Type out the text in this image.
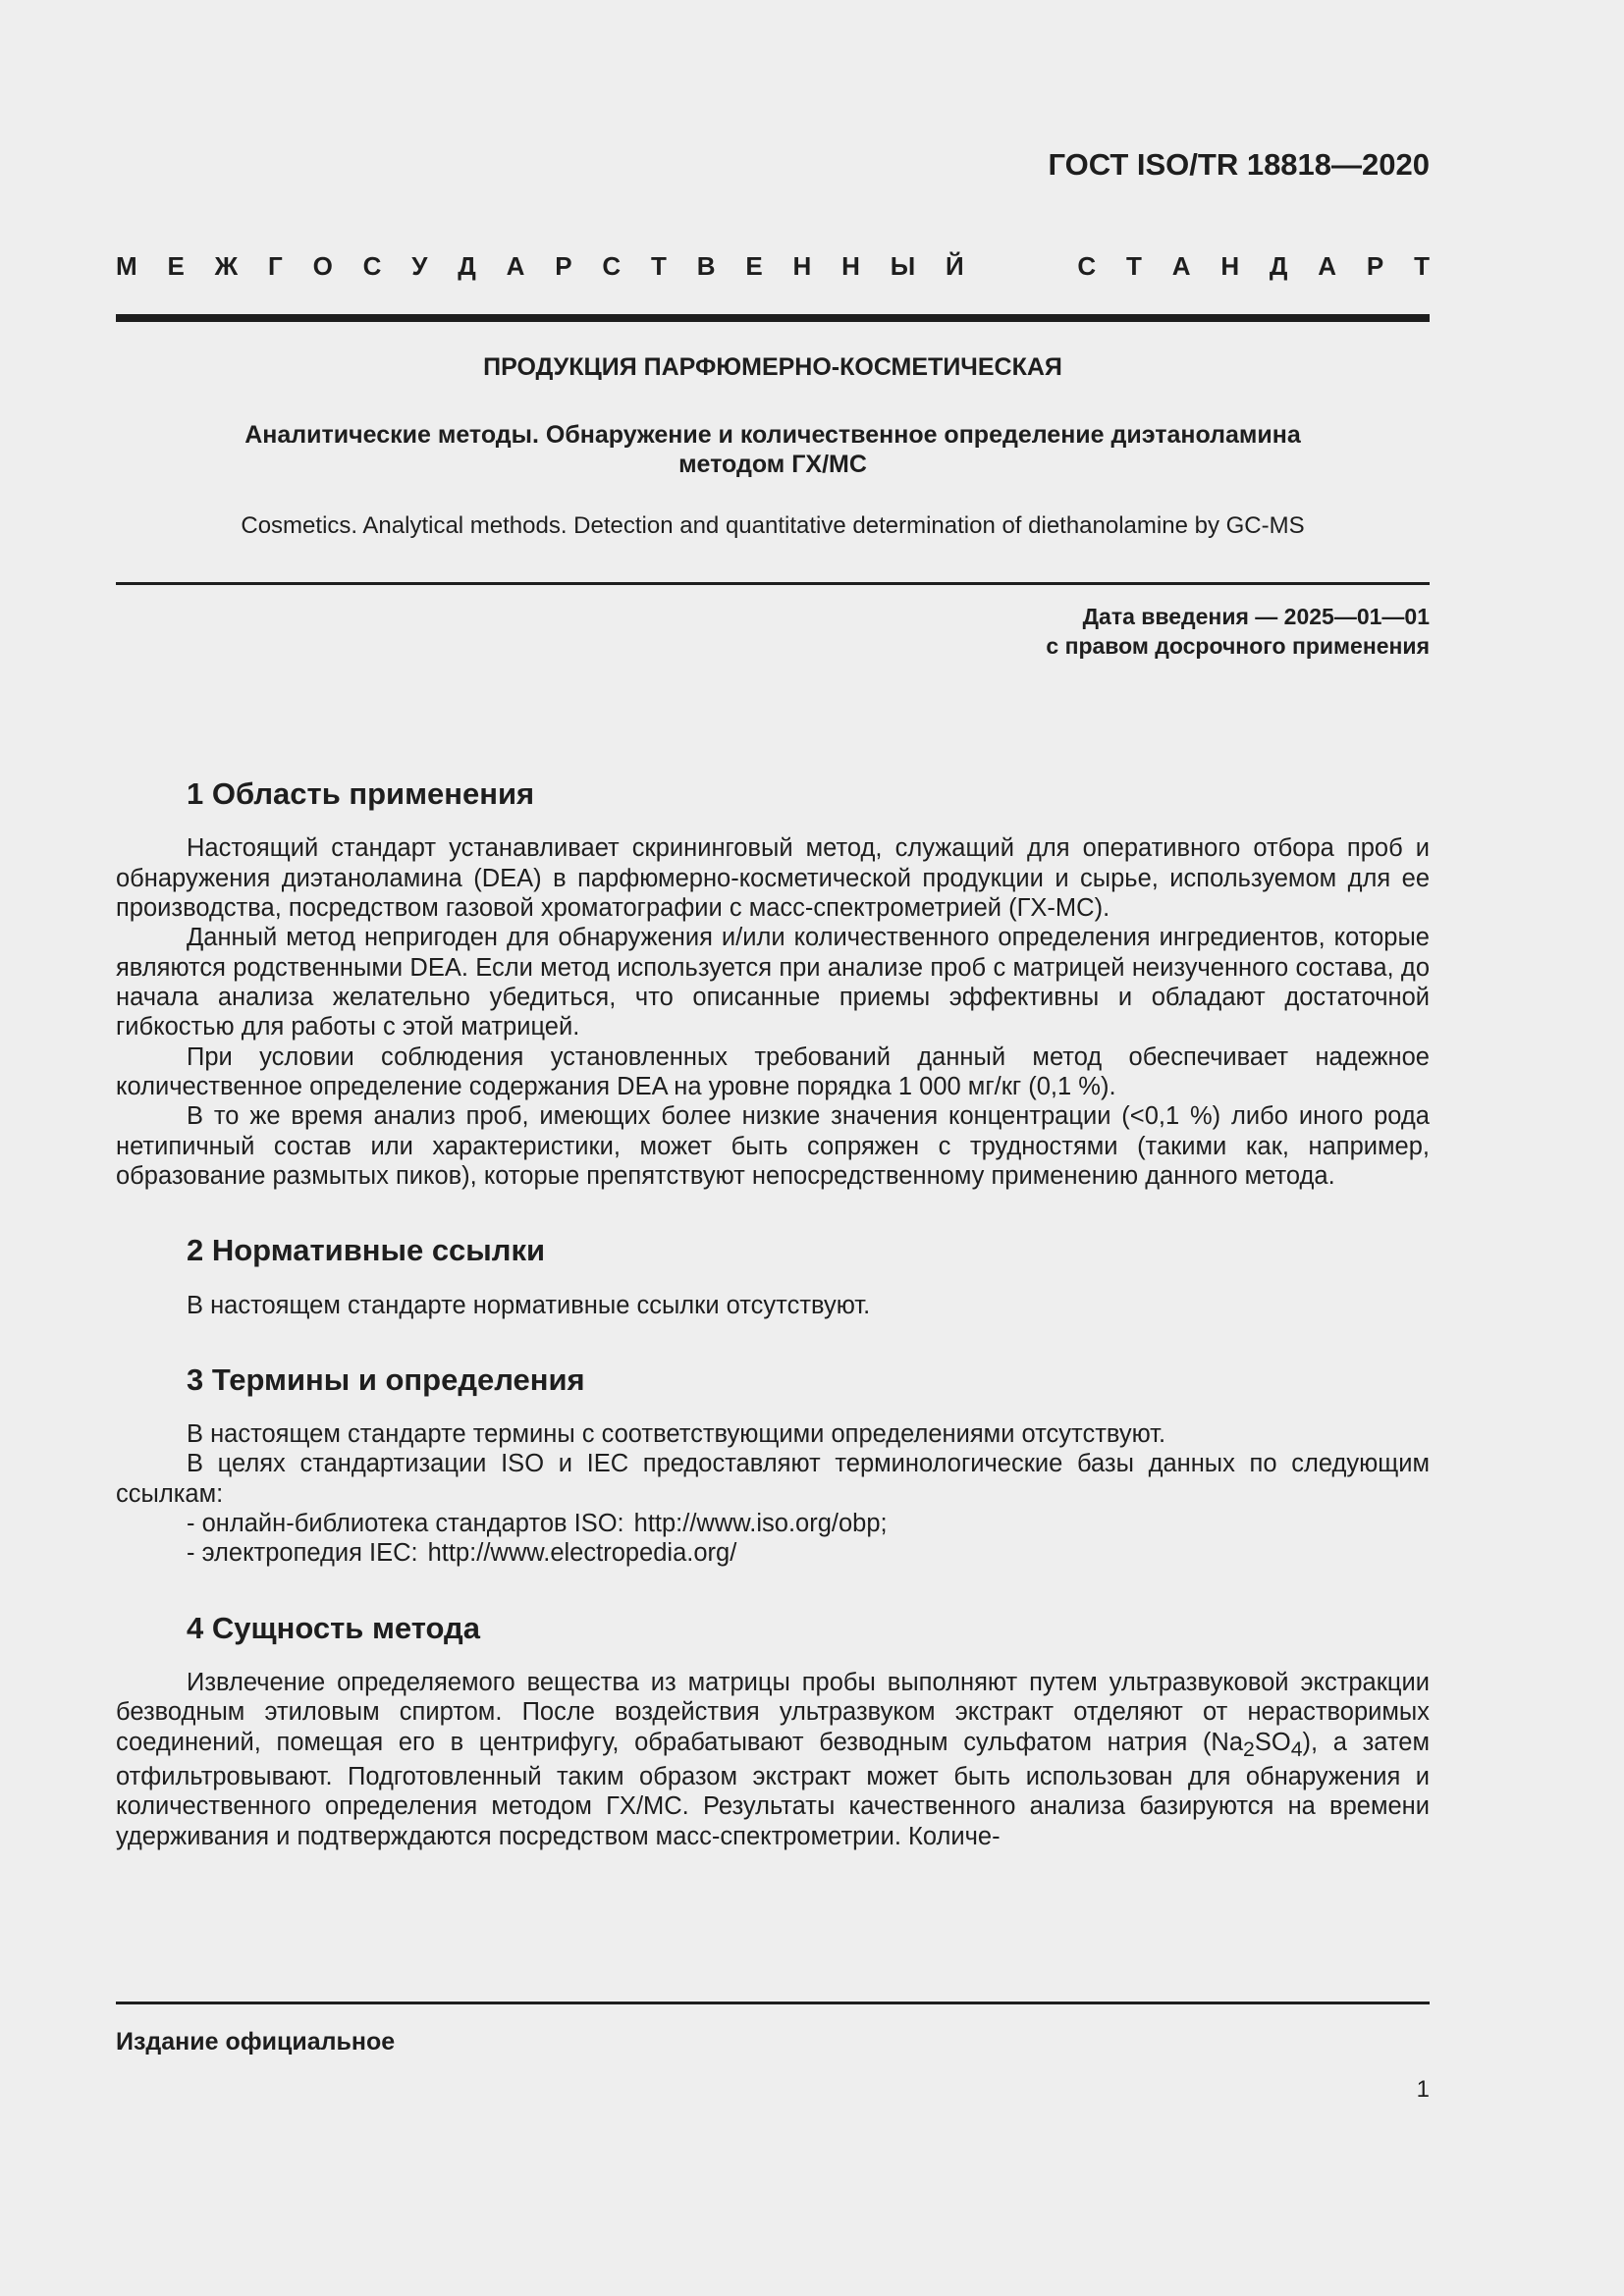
ГОСТ ISO/TR 18818—2020
М Е Ж Г О С У Д А Р С Т В Е Н Н Ы Й	С Т А Н Д А Р Т
ПРОДУКЦИЯ ПАРФЮМЕРНО-КОСМЕТИЧЕСКАЯ
Аналитические методы. Обнаружение и количественное определение диэтаноламина
методом ГХ/МС

Cosmetics. Analytical methods. Detection and quantitative determination of diethanolamine by GC-MS

Дата введения — 2025—01—01
с правом досрочного применения
1 Область применения

Настоящий стандарт устанавливает скрининговый метод, служащий для оперативного отбора проб и обнаружения диэтаноламина (DEA) в парфюмерно-косметической продукции и сырье, используемом для ее производства, посредством газовой хроматографии с масс-спектрометрией (ГХ-МС).

Данный метод непригоден для обнаружения и/или количественного определения ингредиентов, которые являются родственными DEA. Если метод используется при анализе проб с матрицей неизученного состава, до начала анализа желательно убедиться, что описанные приемы эффективны и обладают достаточной гибкостью для работы с этой матрицей.

При условии соблюдения установленных требований данный метод обеспечивает надежное количественное определение содержания DEA на уровне порядка 1 000 мг/кг (0,1 %).

В то же время анализ проб, имеющих более низкие значения концентрации (<0,1 %) либо иного рода нетипичный состав или характеристики, может быть сопряжен с трудностями (такими как, например, образование размытых пиков), которые препятствуют непосредственному применению данного метода.

2 Нормативные ссылки

В настоящем стандарте нормативные ссылки отсутствуют.

3 Термины и определения

В настоящем стандарте термины с соответствующими определениями отсутствуют.

В целях стандартизации ISO и IEC предоставляют терминологические базы данных по следующим ссылкам:

- онлайн-библиотека стандартов ISO: http://www.iso.org/obp;
- электропедия IEC: http://www.electropedia.org/
4 Сущность метода

Извлечение определяемого вещества из матрицы пробы выполняют путем ультразвуковой экстракции безводным этиловым спиртом. После воздействия ультразвуком экстракт отделяют от нерастворимых соединений, помещая его в центрифугу, обрабатывают безводным сульфатом натрия $(Na_2SO_4)$, а затем отфильтровывают. Подготовленный таким образом экстракт может быть использован для обнаружения и количественного определения методом ГХ/МС. Результаты качественного анализа базируются на времени удерживания и подтверждаются посредством масс-спектрометрии. Количе-

Издание официальное
1
